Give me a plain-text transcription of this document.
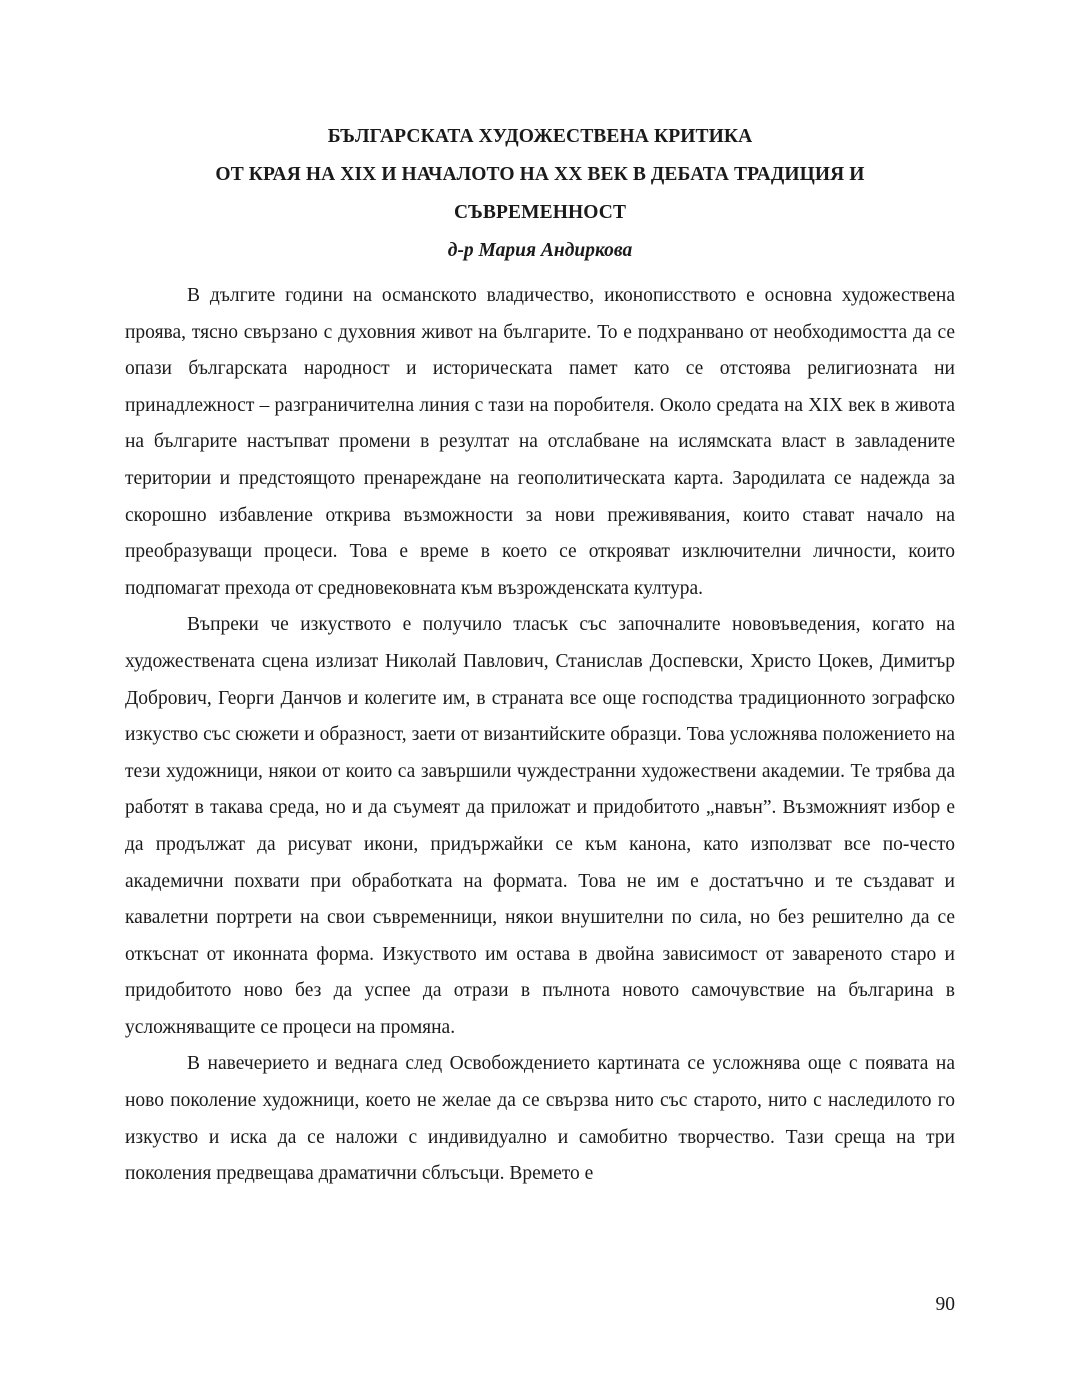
БЪЛГАРСКАТА ХУДОЖЕСТВЕНА КРИТИКА
ОТ КРАЯ НА XIX И НАЧАЛОТО НА XX ВЕК В ДЕБАТА ТРАДИЦИЯ И
СЪВРЕМЕННОСТ
д-р Мария Андиркова

В дългите години на османското владичество, иконописството е основна художествена проява, тясно свързано с духовния живот на българите. То е подхранвано от необходимостта да се опази българската народност и историческата памет като се отстоява религиозната ни принадлежност – разграничителна линия с тази на поробителя. Около средата на XIX век в живота на българите настъпват промени в резултат на отслабване на ислямската власт в завладените територии и предстоящото пренареждане на геополитическата карта. Зародилата се надежда за скорошно избавление открива възможности за нови преживявания, които стават начало на преобразуващи процеси. Това е време в което се открояват изключителни личности, които подпомагат прехода от средновековната към възрожденската култура.

Въпреки че изкуството е получило тласък със започналите нововъведения, когато на художествената сцена излизат Николай Павлович, Станислав Доспевски, Христо Цокев, Димитър Добрович, Георги Данчов и колегите им, в страната все още господства традиционното зографско изкуство със сюжети и образност, заети от византийските образци. Това усложнява положението на тези художници, някои от които са завършили чуждестранни художествени академии. Те трябва да работят в такава среда, но и да съумеят да приложат и придобитото „навън”. Възможният избор е да продължат да рисуват икони, придържайки се към канона, като използват все по-често академични похвати при обработката на формата. Това не им е достатъчно и те създават и кавалетни портрети на свои съвременници, някои внушителни по сила, но без решително да се откъснат от иконната форма. Изкуството им остава в двойна зависимост от завареното старо и придобитото ново без да успее да отрази в пълнота новото самочувствие на българина в усложняващите се процеси на промяна.

В навечерието и веднага след Освобождението картината се усложнява още с появата на ново поколение художници, което не желае да се свързва нито със старото, нито с наследилото го изкуство и иска да се наложи с индивидуално и самобитно творчество. Тази среща на три поколения предвещава драматични сблъсъци. Времето е

90
